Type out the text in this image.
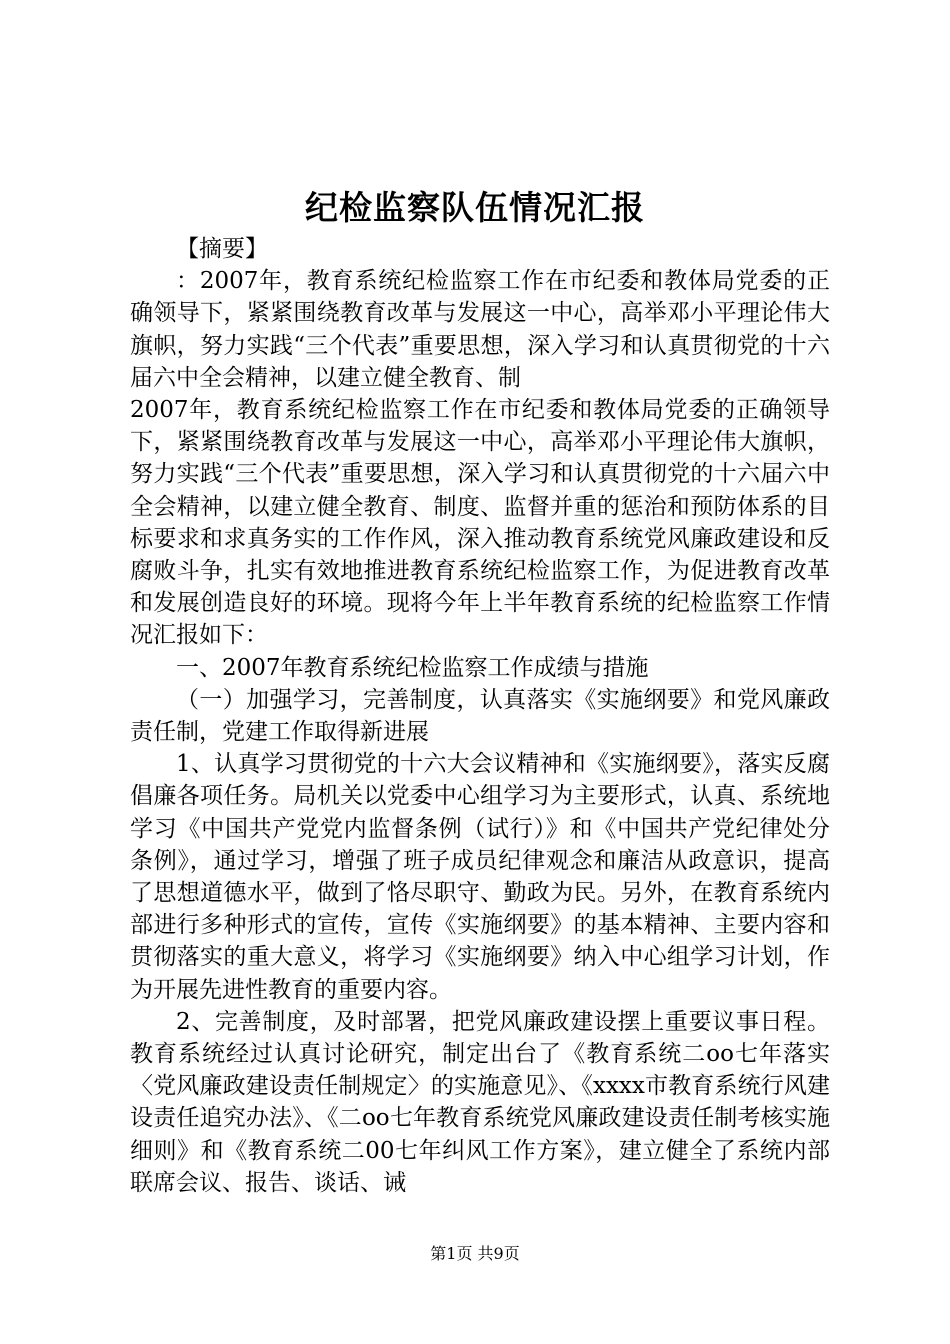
纪检监察队伍情况汇报

【摘要】

：2007年，教育系统纪检监察工作在市纪委和教体局党委的正确领导下，紧紧围绕教育改革与发展这一中心，高举邓小平理论伟大旗帜，努力实践“三个代表”重要思想，深入学习和认真贯彻党的十六届六中全会精神，以建立健全教育、制

2007年，教育系统纪检监察工作在市纪委和教体局党委的正确领导下，紧紧围绕教育改革与发展这一中心，高举邓小平理论伟大旗帜，努力实践“三个代表”重要思想，深入学习和认真贯彻党的十六届六中全会精神，以建立健全教育、制度、监督并重的惩治和预防体系的目标要求和求真务实的工作作风，深入推动教育系统党风廉政建设和反腐败斗争，扎实有效地推进教育系统纪检监察工作，为促进教育改革和发展创造良好的环境。现将今年上半年教育系统的纪检监察工作情况汇报如下：

一、2007年教育系统纪检监察工作成绩与措施

（一）加强学习，完善制度，认真落实《实施纲要》和党风廉政责任制，党建工作取得新进展

1、认真学习贯彻党的十六大会议精神和《实施纲要》，落实反腐倡廉各项任务。局机关以党委中心组学习为主要形式，认真、系统地学习《中国共产党党内监督条例（试行）》和《中国共产党纪律处分条例》，通过学习，增强了班子成员纪律观念和廉洁从政意识，提高了思想道德水平，做到了恪尽职守、勤政为民。另外，在教育系统内部进行多种形式的宣传，宣传《实施纲要》的基本精神、主要内容和贯彻落实的重大意义，将学习《实施纲要》纳入中心组学习计划，作为开展先进性教育的重要内容。

2、完善制度，及时部署，把党风廉政建设摆上重要议事日程。教育系统经过认真讨论研究，制定出台了《教育系统二oo七年落实〈党风廉政建设责任制规定〉的实施意见》、《xxxx市教育系统行风建设责任追究办法》、《二oo七年教育系统党风廉政建设责任制考核实施细则》和《教育系统二00七年纠风工作方案》，建立健全了系统内部联席会议、报告、谈话、诫

第1页 共9页
